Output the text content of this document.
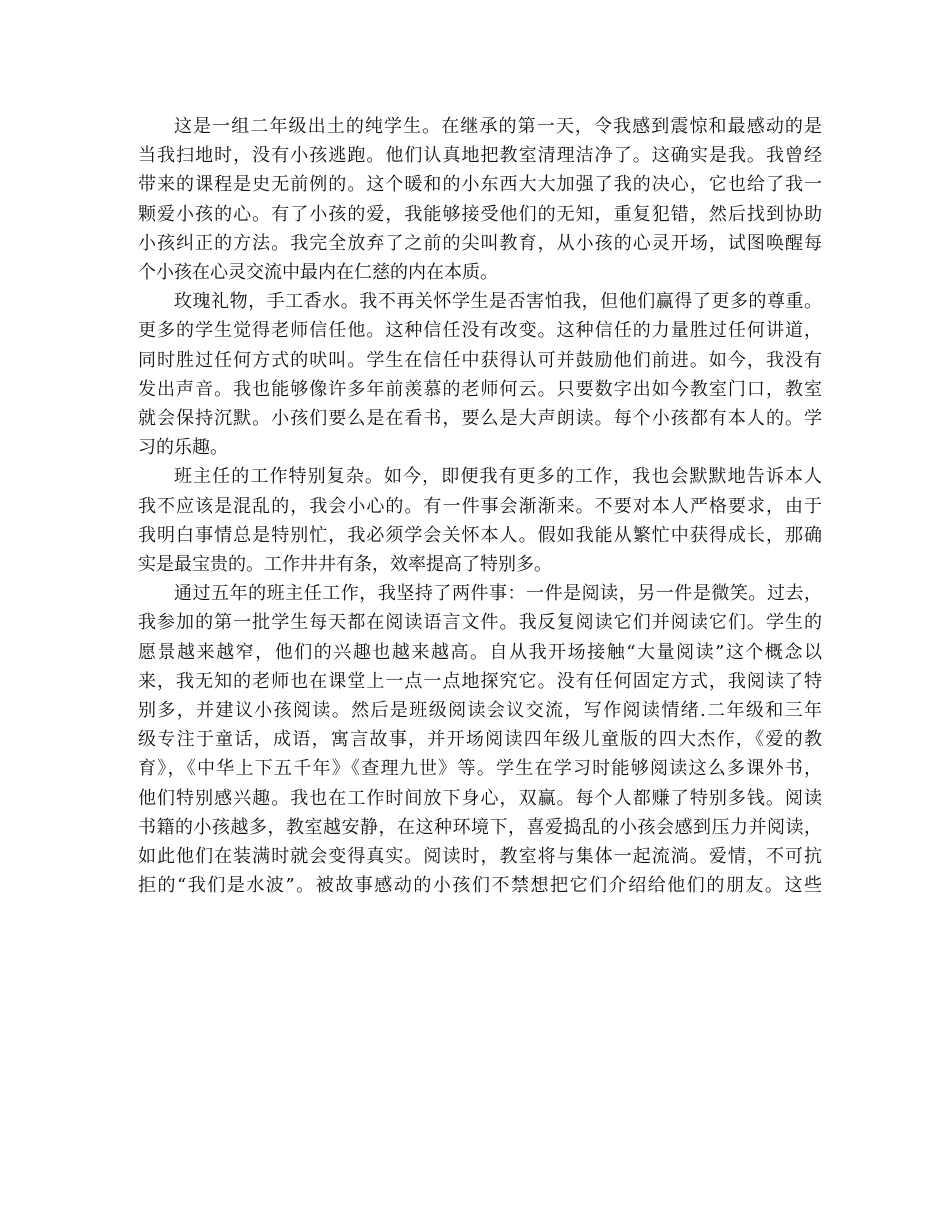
这是一组二年级出土的纯学生。在继承的第一天，令我感到震惊和最感动的是
当我扫地时，没有小孩逃跑。他们认真地把教室清理洁净了。这确实是我。我曾经
带来的课程是史无前例的。这个暖和的小东西大大加强了我的决心，它也给了我一
颗爱小孩的心。有了小孩的爱，我能够接受他们的无知，重复犯错，然后找到协助
小孩纠正的方法。我完全放弃了之前的尖叫教育，从小孩的心灵开场，试图唤醒每
个小孩在心灵交流中最内在仁慈的内在本质。
玫瑰礼物，手工香水。我不再关怀学生是否害怕我，但他们赢得了更多的尊重。
更多的学生觉得老师信任他。这种信任没有改变。这种信任的力量胜过任何讲道，
同时胜过任何方式的吠叫。学生在信任中获得认可并鼓励他们前进。如今，我没有
发出声音。我也能够像许多年前羡慕的老师何云。只要数字出如今教室门口，教室
就会保持沉默。小孩们要么是在看书，要么是大声朗读。每个小孩都有本人的。学
习的乐趣。
班主任的工作特别复杂。如今，即便我有更多的工作，我也会默默地告诉本人
我不应该是混乱的，我会小心的。有一件事会渐渐来。不要对本人严格要求，由于
我明白事情总是特别忙，我必须学会关怀本人。假如我能从繁忙中获得成长，那确
实是最宝贵的。工作井井有条，效率提高了特别多。
通过五年的班主任工作，我坚持了两件事：一件是阅读，另一件是微笑。过去，
我参加的第一批学生每天都在阅读语言文件。我反复阅读它们并阅读它们。学生的
愿景越来越窄，他们的兴趣也越来越高。自从我开场接触“大量阅读”这个概念以
来，我无知的老师也在课堂上一点一点地探究它。没有任何固定方式，我阅读了特
别多，并建议小孩阅读。然后是班级阅读会议交流，写作阅读情绪.二年级和三年
级专注于童话，成语，寓言故事，并开场阅读四年级儿童版的四大杰作，《爱的教
育》，《中华上下五千年》《查理九世》等。学生在学习时能够阅读这么多课外书，
他们特别感兴趣。我也在工作时间放下身心，双赢。每个人都赚了特别多钱。阅读
书籍的小孩越多，教室越安静，在这种环境下，喜爱捣乱的小孩会感到压力并阅读，
如此他们在装满时就会变得真实。阅读时，教室将与集体一起流淌。爱情，不可抗
拒的“我们是水波”。被故事感动的小孩们不禁想把它们介绍给他们的朋友。这些
